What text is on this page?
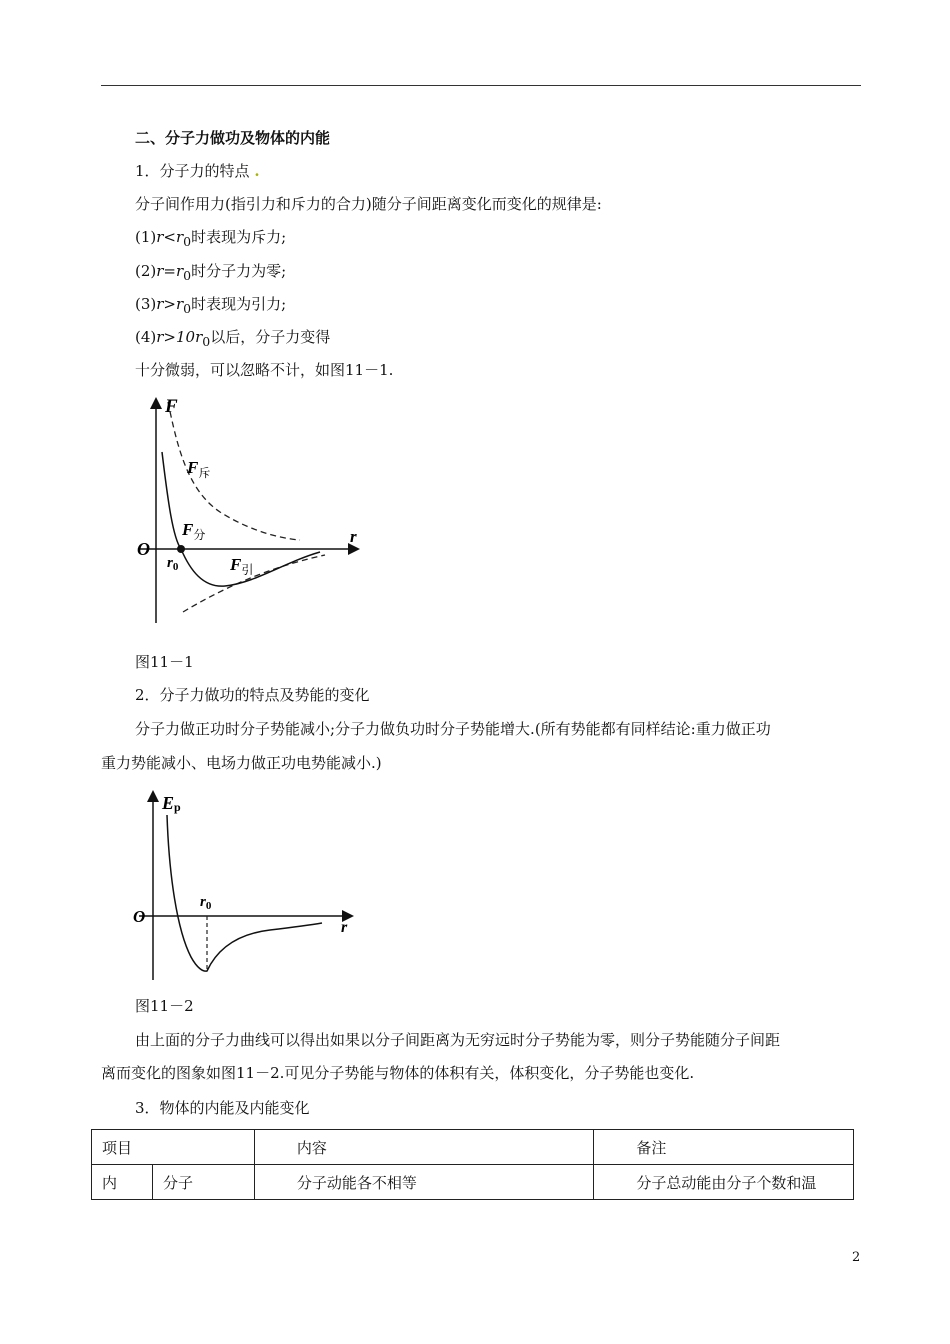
二、分子力做功及物体的内能
1．分子力的特点 .
分子间作用力(指引力和斥力的合力)随分子间距离变化而变化的规律是:
$(1)r<r_0$时表现为斥力;
$(2)r=r_0$时分子力为零;
$(3)r>r_0$时表现为引力;
$(4)r>10r_0$以后，分子力变得
十分微弱，可以忽略不计，如图11－1.
F
O
r
$r_0$
$F_斥$
$F_分$
$F_引$
图11－1
2．分子力做功的特点及势能的变化
分子力做正功时分子势能减小;分子力做负功时分子势能增大.(所有势能都有同样结论:重力做正功
重力势能减小、电场力做正功电势能减小.)
Ep
O
r
$r_0$
图11－2
由上面的分子力曲线可以得出如果以分子间距离为无穷远时分子势能为零，则分子势能随分子间距
离而变化的图象如图11－2.可见分子势能与物体的体积有关，体积变化，分子势能也变化.
3．物体的内能及内能变化
项目		内容	备注
内	分子	分子动能各不相等	分子总动能由分子个数和温
2
